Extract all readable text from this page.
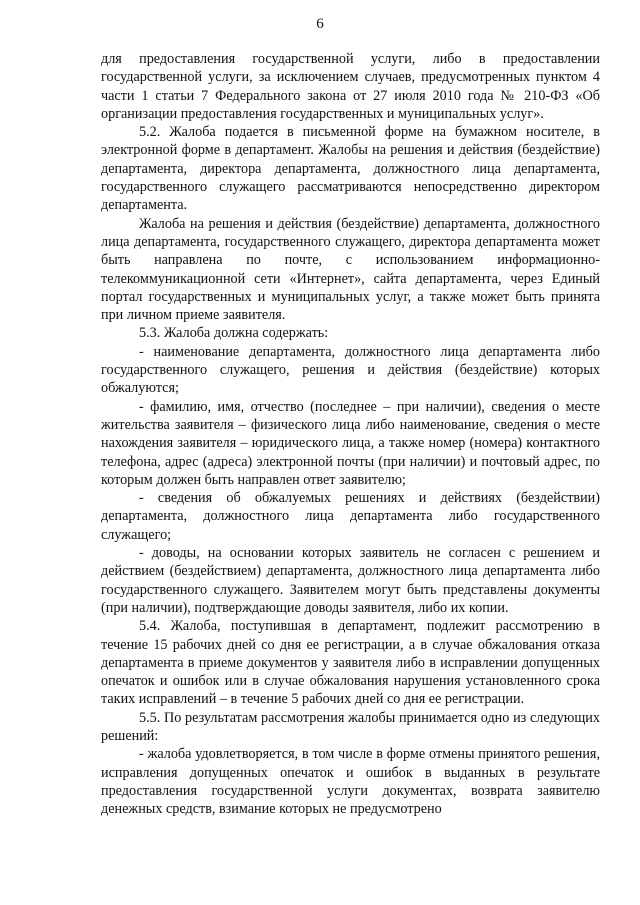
6

для предоставления государственной услуги, либо в предоставлении государственной услуги, за исключением случаев, предусмотренных пунктом 4 части 1 статьи 7 Федерального закона от 27 июля 2010 года № 210-ФЗ «Об организации предоставления государственных и муниципальных услуг».

5.2. Жалоба подается в письменной форме на бумажном носителе, в электронной форме в департамент. Жалобы на решения и действия (бездействие) департамента, директора департамента, должностного лица департамента, государственного служащего рассматриваются непосредственно директором департамента.

Жалоба на решения и действия (бездействие) департамента, должностного лица департамента, государственного служащего, директора департамента может быть направлена по почте, с использованием информационно-телекоммуникационной сети «Интернет», сайта департамента, через Единый портал государственных и муниципальных услуг, а также может быть принята при личном приеме заявителя.

5.3. Жалоба должна содержать:

- наименование департамента, должностного лица департамента либо государственного служащего, решения и действия (бездействие) которых обжалуются;

- фамилию, имя, отчество (последнее – при наличии), сведения о месте жительства заявителя – физического лица либо наименование, сведения о месте нахождения заявителя – юридического лица, а также номер (номера) контактного телефона, адрес (адреса) электронной почты (при наличии) и почтовый адрес, по которым должен быть направлен ответ заявителю;

- сведения об обжалуемых решениях и действиях (бездействии) департамента, должностного лица департамента либо государственного служащего;

- доводы, на основании которых заявитель не согласен с решением и действием (бездействием) департамента, должностного лица департамента либо государственного служащего. Заявителем могут быть представлены документы (при наличии), подтверждающие доводы заявителя, либо их копии.

5.4. Жалоба, поступившая в департамент, подлежит рассмотрению в течение 15 рабочих дней со дня ее регистрации, а в случае обжалования отказа департамента в приеме документов у заявителя либо в исправлении допущенных опечаток и ошибок или в случае обжалования нарушения установленного срока таких исправлений – в течение 5 рабочих дней со дня ее регистрации.

5.5. По результатам рассмотрения жалобы принимается одно из следующих решений:

- жалоба удовлетворяется, в том числе в форме отмены принятого решения, исправления допущенных опечаток и ошибок в выданных в результате предоставления государственной услуги документах, возврата заявителю денежных средств, взимание которых не предусмотрено
